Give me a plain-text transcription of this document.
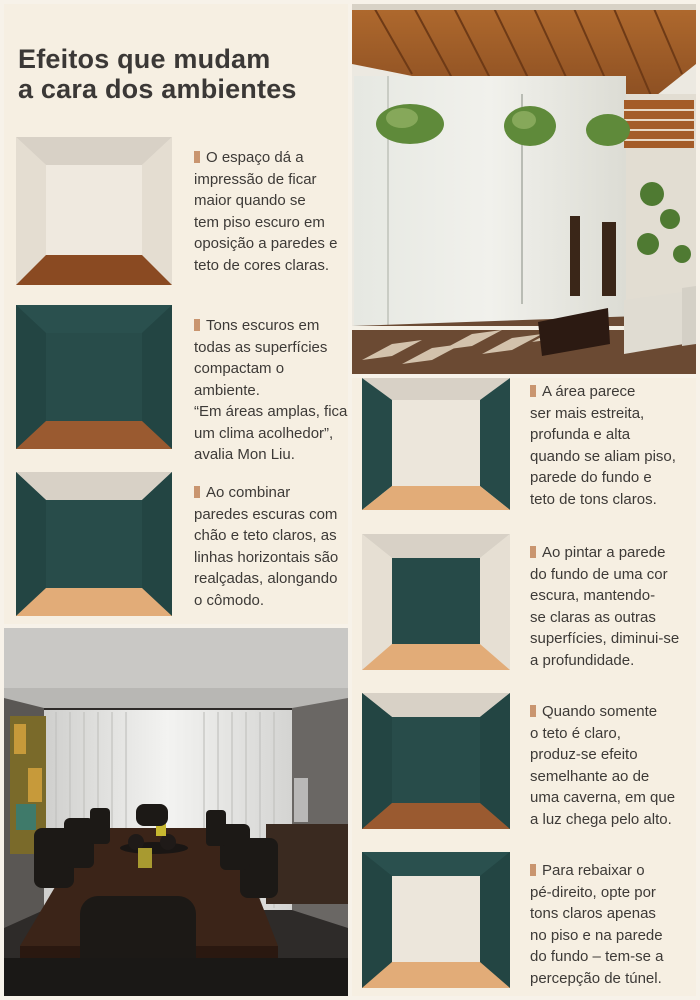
Efeitos que mudam
a cara dos ambientes
O espaço dá a
impressão de ficar
maior quando se
tem piso escuro em
oposição a paredes e
teto de cores claras.
Tons escuros em
todas as superfícies
compactam o ambiente.
“Em áreas amplas, fica
um clima acolhedor”,
avalia Mon Liu.
Ao combinar
paredes escuras com
chão e teto claros, as
linhas horizontais são
realçadas, alongando
o cômodo.
A área parece
ser mais estreita,
profunda e alta
quando se aliam piso,
parede do fundo e
teto de tons claros.
Ao pintar a parede
do fundo de uma cor
escura, mantendo-
se claras as outras
superfícies, diminui-se
a profundidade.
Quando somente
o teto é claro,
produz-se efeito
semelhante ao de
uma caverna, em que
a luz chega pelo alto.
Para rebaixar o
pé-direito, opte por
tons claros apenas
no piso e na parede
do fundo – tem-se a
percepção de túnel.
